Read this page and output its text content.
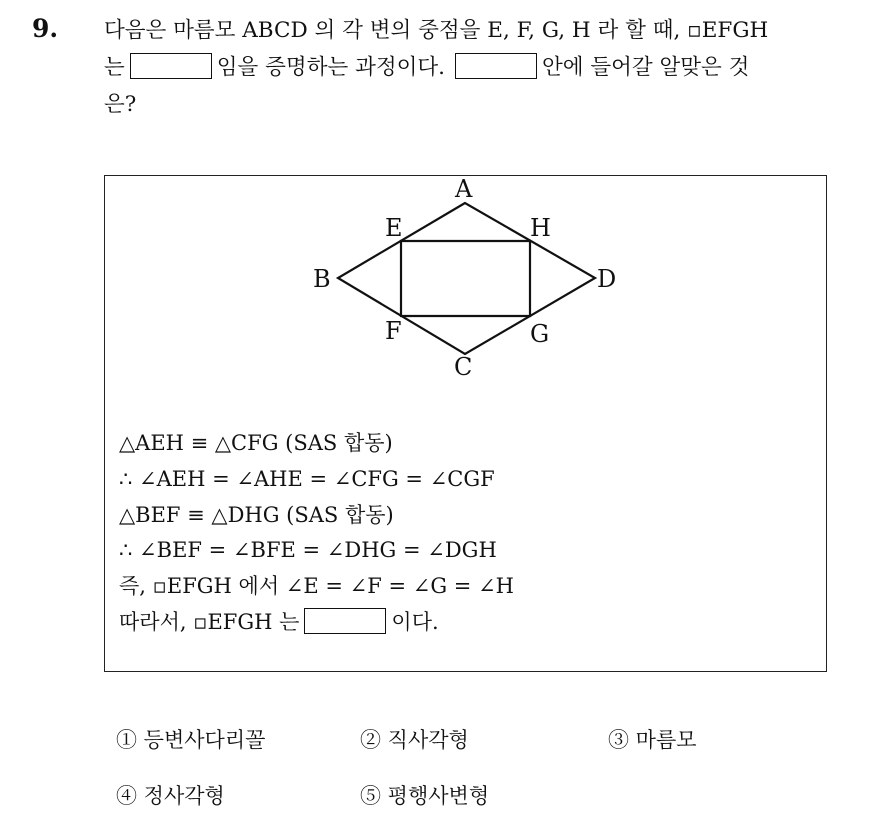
9. 다음은 마름모 ABCD 의 각 변의 중점을 E, F, G, H 라 할 때, ▫EFGH
는	임을 증명하는 과정이다.	안에 들어갈 알맞은 것
은?
A
E	H
B	D
F	G
C
△AEH ≡ △CFG (SAS 합동)
∴ ∠AEH = ∠AHE = ∠CFG = ∠CGF
△BEF ≡ △DHG (SAS 합동)
∴ ∠BEF = ∠BFE = ∠DHG = ∠DGH
즉, ▫EFGH 에서 ∠E = ∠F = ∠G = ∠H
따라서, ▫EFGH 는	이다.
① 등변사다리꼴	② 직사각형	③ 마름모
④ 정사각형	⑤ 평행사변형
